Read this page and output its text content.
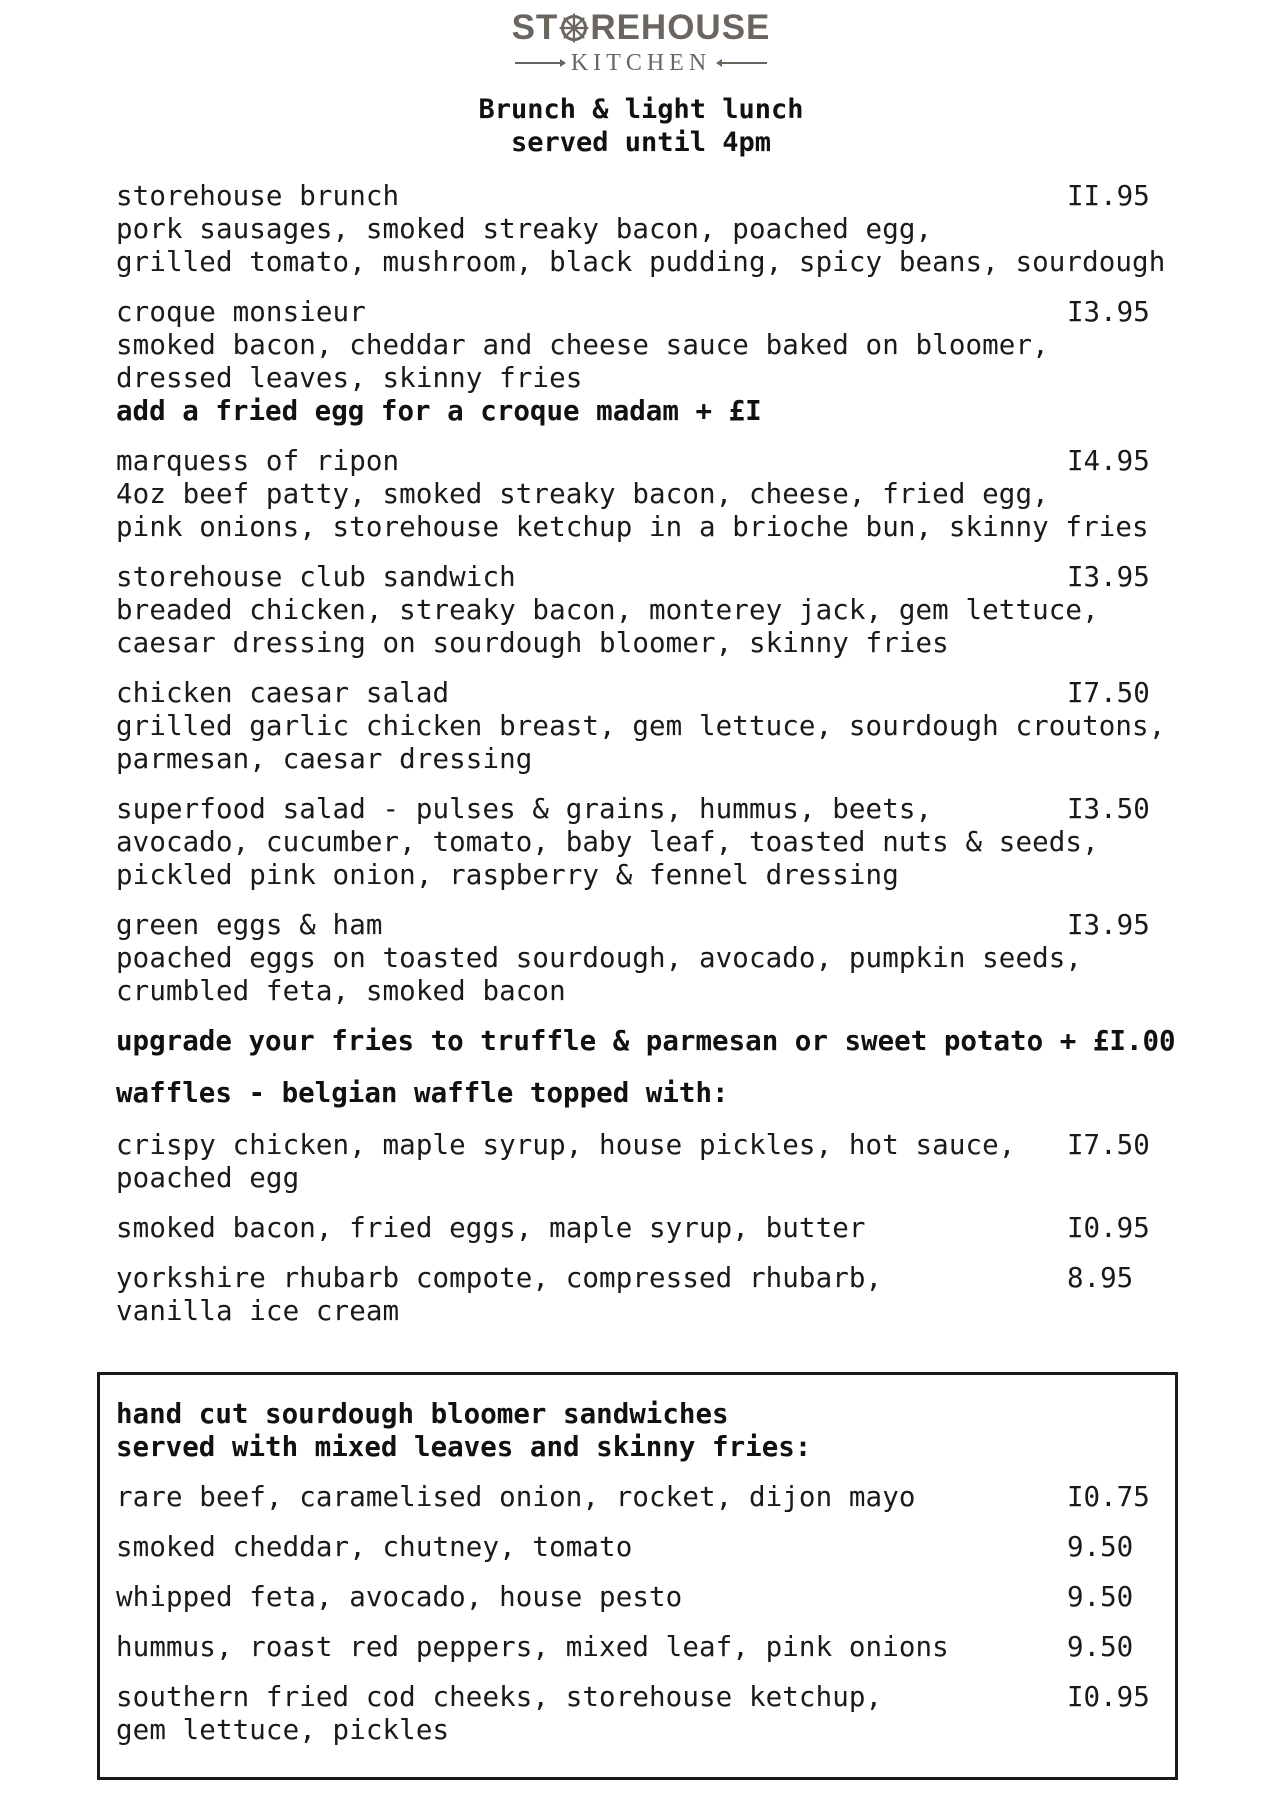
ST REHOUSE
KITCHEN
Brunch & light lunch
served until 4pm
storehouse brunch	II.95
pork sausages, smoked streaky bacon, poached egg,
grilled tomato, mushroom, black pudding, spicy beans, sourdough
croque monsieur	I3.95
smoked bacon, cheddar and cheese sauce baked on bloomer,
dressed leaves, skinny fries
add a fried egg for a croque madam + £I
marquess of ripon	I4.95
4oz beef patty, smoked streaky bacon, cheese, fried egg,
pink onions, storehouse ketchup in a brioche bun, skinny fries
storehouse club sandwich	I3.95
breaded chicken, streaky bacon, monterey jack, gem lettuce,
caesar dressing on sourdough bloomer, skinny fries
chicken caesar salad	I7.50
grilled garlic chicken breast, gem lettuce, sourdough croutons,
parmesan, caesar dressing
superfood salad - pulses & grains, hummus, beets,	I3.50
avocado, cucumber, tomato, baby leaf, toasted nuts & seeds,
pickled pink onion, raspberry & fennel dressing
green eggs & ham	I3.95
poached eggs on toasted sourdough, avocado, pumpkin seeds,
crumbled feta, smoked bacon
upgrade your fries to truffle & parmesan or sweet potato + £I.00
waffles - belgian waffle topped with:
crispy chicken, maple syrup, house pickles, hot sauce,	I7.50
poached egg
smoked bacon, fried eggs, maple syrup, butter	I0.95
yorkshire rhubarb compote, compressed rhubarb,	8.95
vanilla ice cream
hand cut sourdough bloomer sandwiches
served with mixed leaves and skinny fries:
rare beef, caramelised onion, rocket, dijon mayo	I0.75
smoked cheddar, chutney, tomato	9.50
whipped feta, avocado, house pesto	9.50
hummus, roast red peppers, mixed leaf, pink onions	9.50
southern fried cod cheeks, storehouse ketchup,	I0.95
gem lettuce, pickles
